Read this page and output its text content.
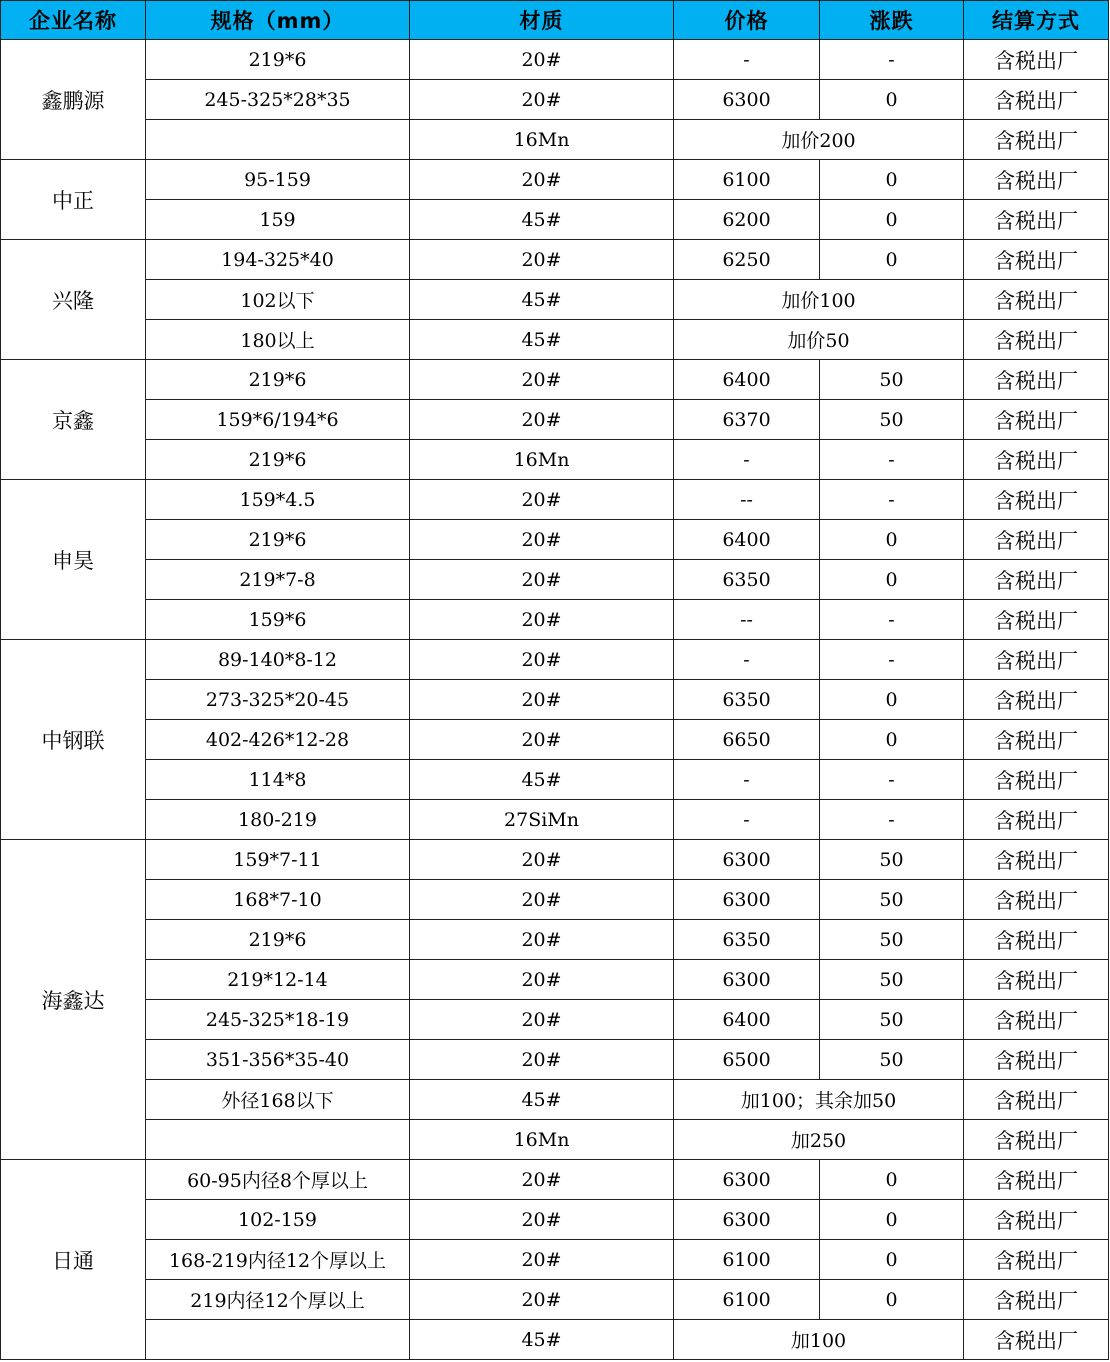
企业名称	规格（mm）	材质	价格	涨跌	结算方式
鑫鹏源	219*6	20#	-	-	含税出厂
	245-325*28*35	20#	6300	0	含税出厂
		16Mn	加价200		含税出厂
中正	95-159	20#	6100	0	含税出厂
	159	45#	6200	0	含税出厂
兴隆	194-325*40	20#	6250	0	含税出厂
	102以下	45#	加价100		含税出厂
	180以上	45#	加价50		含税出厂
京鑫	219*6	20#	6400	50	含税出厂
	159*6/194*6	20#	6370	50	含税出厂
	219*6	16Mn	-	-	含税出厂
申昊	159*4.5	20#	--	-	含税出厂
	219*6	20#	6400	0	含税出厂
	219*7-8	20#	6350	0	含税出厂
	159*6	20#	--	-	含税出厂
中钢联	89-140*8-12	20#	-	-	含税出厂
	273-325*20-45	20#	6350	0	含税出厂
	402-426*12-28	20#	6650	0	含税出厂
	114*8	45#	-	-	含税出厂
	180-219	27SiMn	-	-	含税出厂
海鑫达	159*7-11	20#	6300	50	含税出厂
	168*7-10	20#	6300	50	含税出厂
	219*6	20#	6350	50	含税出厂
	219*12-14	20#	6300	50	含税出厂
	245-325*18-19	20#	6400	50	含税出厂
	351-356*35-40	20#	6500	50	含税出厂
	外径168以下	45#	加100；其余加50		含税出厂
		16Mn	加250		含税出厂
日通	60-95内径8个厚以上	20#	6300	0	含税出厂
	102-159	20#	6300	0	含税出厂
	168-219内径12个厚以上	20#	6100	0	含税出厂
	219内径12个厚以上	20#	6100	0	含税出厂
		45#	加100		含税出厂
